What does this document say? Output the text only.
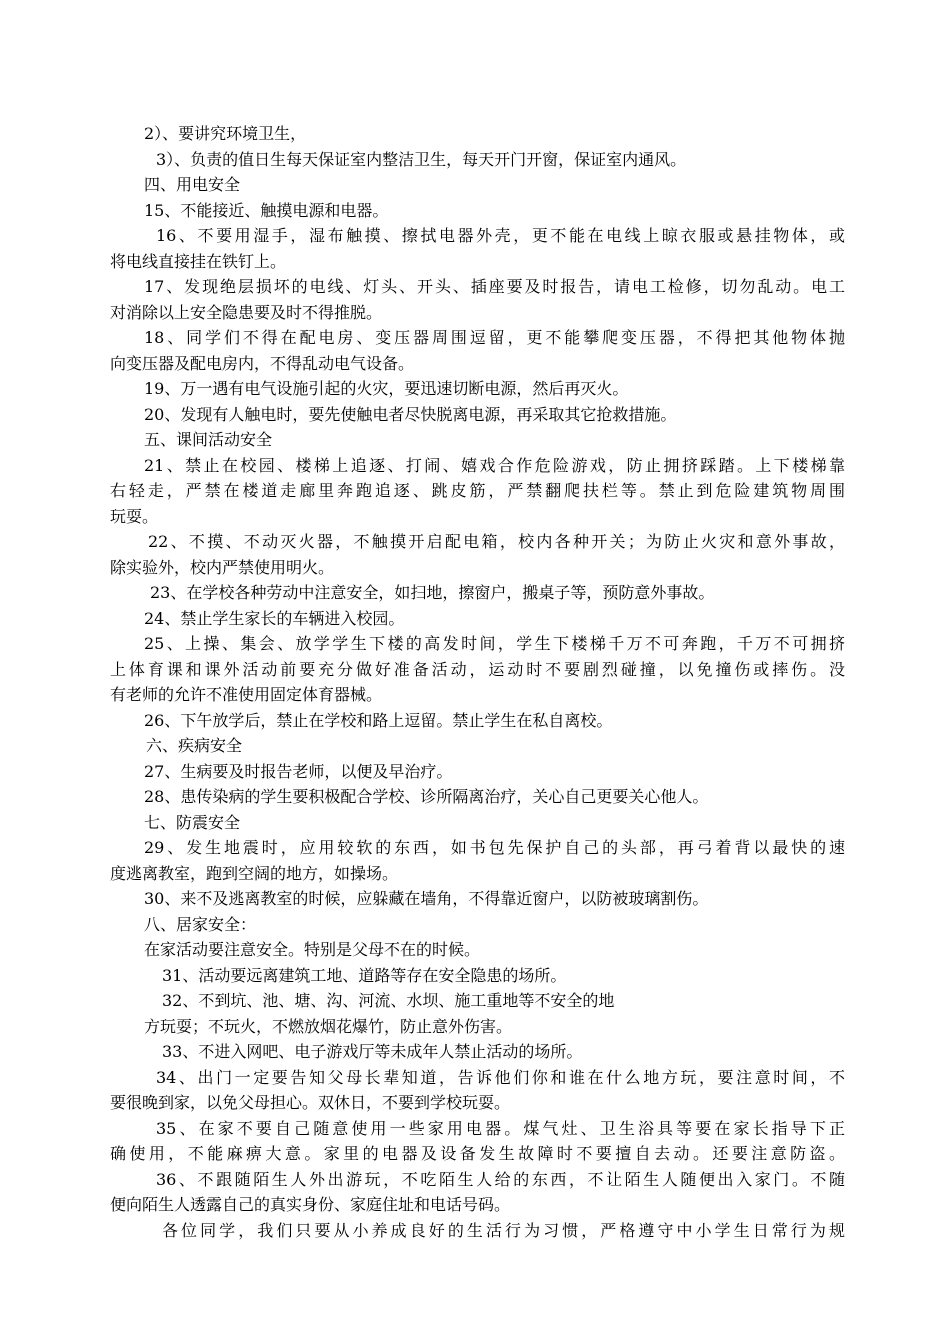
2）、要讲究环境卫生，

3）、负责的值日生每天保证室内整洁卫生，每天开门开窗，保证室内通风。

四、用电安全

15、不能接近、触摸电源和电器。

16、不要用湿手，湿布触摸、擦拭电器外壳，更不能在电线上晾衣服或悬挂物体，或

将电线直接挂在铁钉上。

17、发现绝层损坏的电线、灯头、开头、插座要及时报告，请电工检修，切勿乱动。电工

对消除以上安全隐患要及时不得推脱。

18、同学们不得在配电房、变压器周围逗留，更不能攀爬变压器，不得把其他物体抛

向变压器及配电房内，不得乱动电气设备。

19、万一遇有电气设施引起的火灾，要迅速切断电源，然后再灭火。

20、发现有人触电时，要先使触电者尽快脱离电源，再采取其它抢救措施。

五、课间活动安全

21、禁止在校园、楼梯上追逐、打闹、嬉戏合作危险游戏，防止拥挤踩踏。上下楼梯靠

右轻走，严禁在楼道走廊里奔跑追逐、跳皮筋，严禁翻爬扶栏等。禁止到危险建筑物周围

玩耍。

22、不摸、不动灭火器，不触摸开启配电箱，校内各种开关；为防止火灾和意外事故，

除实验外，校内严禁使用明火。

23、在学校各种劳动中注意安全，如扫地，擦窗户，搬桌子等，预防意外事故。

24、禁止学生家长的车辆进入校园。

25、上操、集会、放学学生下楼的高发时间，学生下楼梯千万不可奔跑，千万不可拥挤

上体育课和课外活动前要充分做好准备活动，运动时不要剧烈碰撞，以免撞伤或摔伤。没

有老师的允许不准使用固定体育器械。

26、下午放学后，禁止在学校和路上逗留。禁止学生在私自离校。

六、疾病安全

27、生病要及时报告老师，以便及早治疗。

28、患传染病的学生要积极配合学校、诊所隔离治疗，关心自己更要关心他人。

七、防震安全

29、发生地震时，应用较软的东西，如书包先保护自己的头部，再弓着背以最快的速

度逃离教室，跑到空阔的地方，如操场。

30、来不及逃离教室的时候，应躲藏在墙角，不得靠近窗户，以防被玻璃割伤。

八、居家安全：

在家活动要注意安全。特别是父母不在的时候。

31、活动要远离建筑工地、道路等存在安全隐患的场所。

32、不到坑、池、塘、沟、河流、水坝、施工重地等不安全的地

方玩耍；不玩火，不燃放烟花爆竹，防止意外伤害。

33、不进入网吧、电子游戏厅等未成年人禁止活动的场所。

34、出门一定要告知父母长辈知道，告诉他们你和谁在什么地方玩，要注意时间，不

要很晚到家，以免父母担心。双休日，不要到学校玩耍。

35、在家不要自己随意使用一些家用电器。煤气灶、卫生浴具等要在家长指导下正

确使用，不能麻痹大意。家里的电器及设备发生故障时不要擅自去动。还要注意防盗。

36、不跟随陌生人外出游玩，不吃陌生人给的东西，不让陌生人随便出入家门。不随

便向陌生人透露自己的真实身份、家庭住址和电话号码。

各位同学，我们只要从小养成良好的生活行为习惯，严格遵守中小学生日常行为规
